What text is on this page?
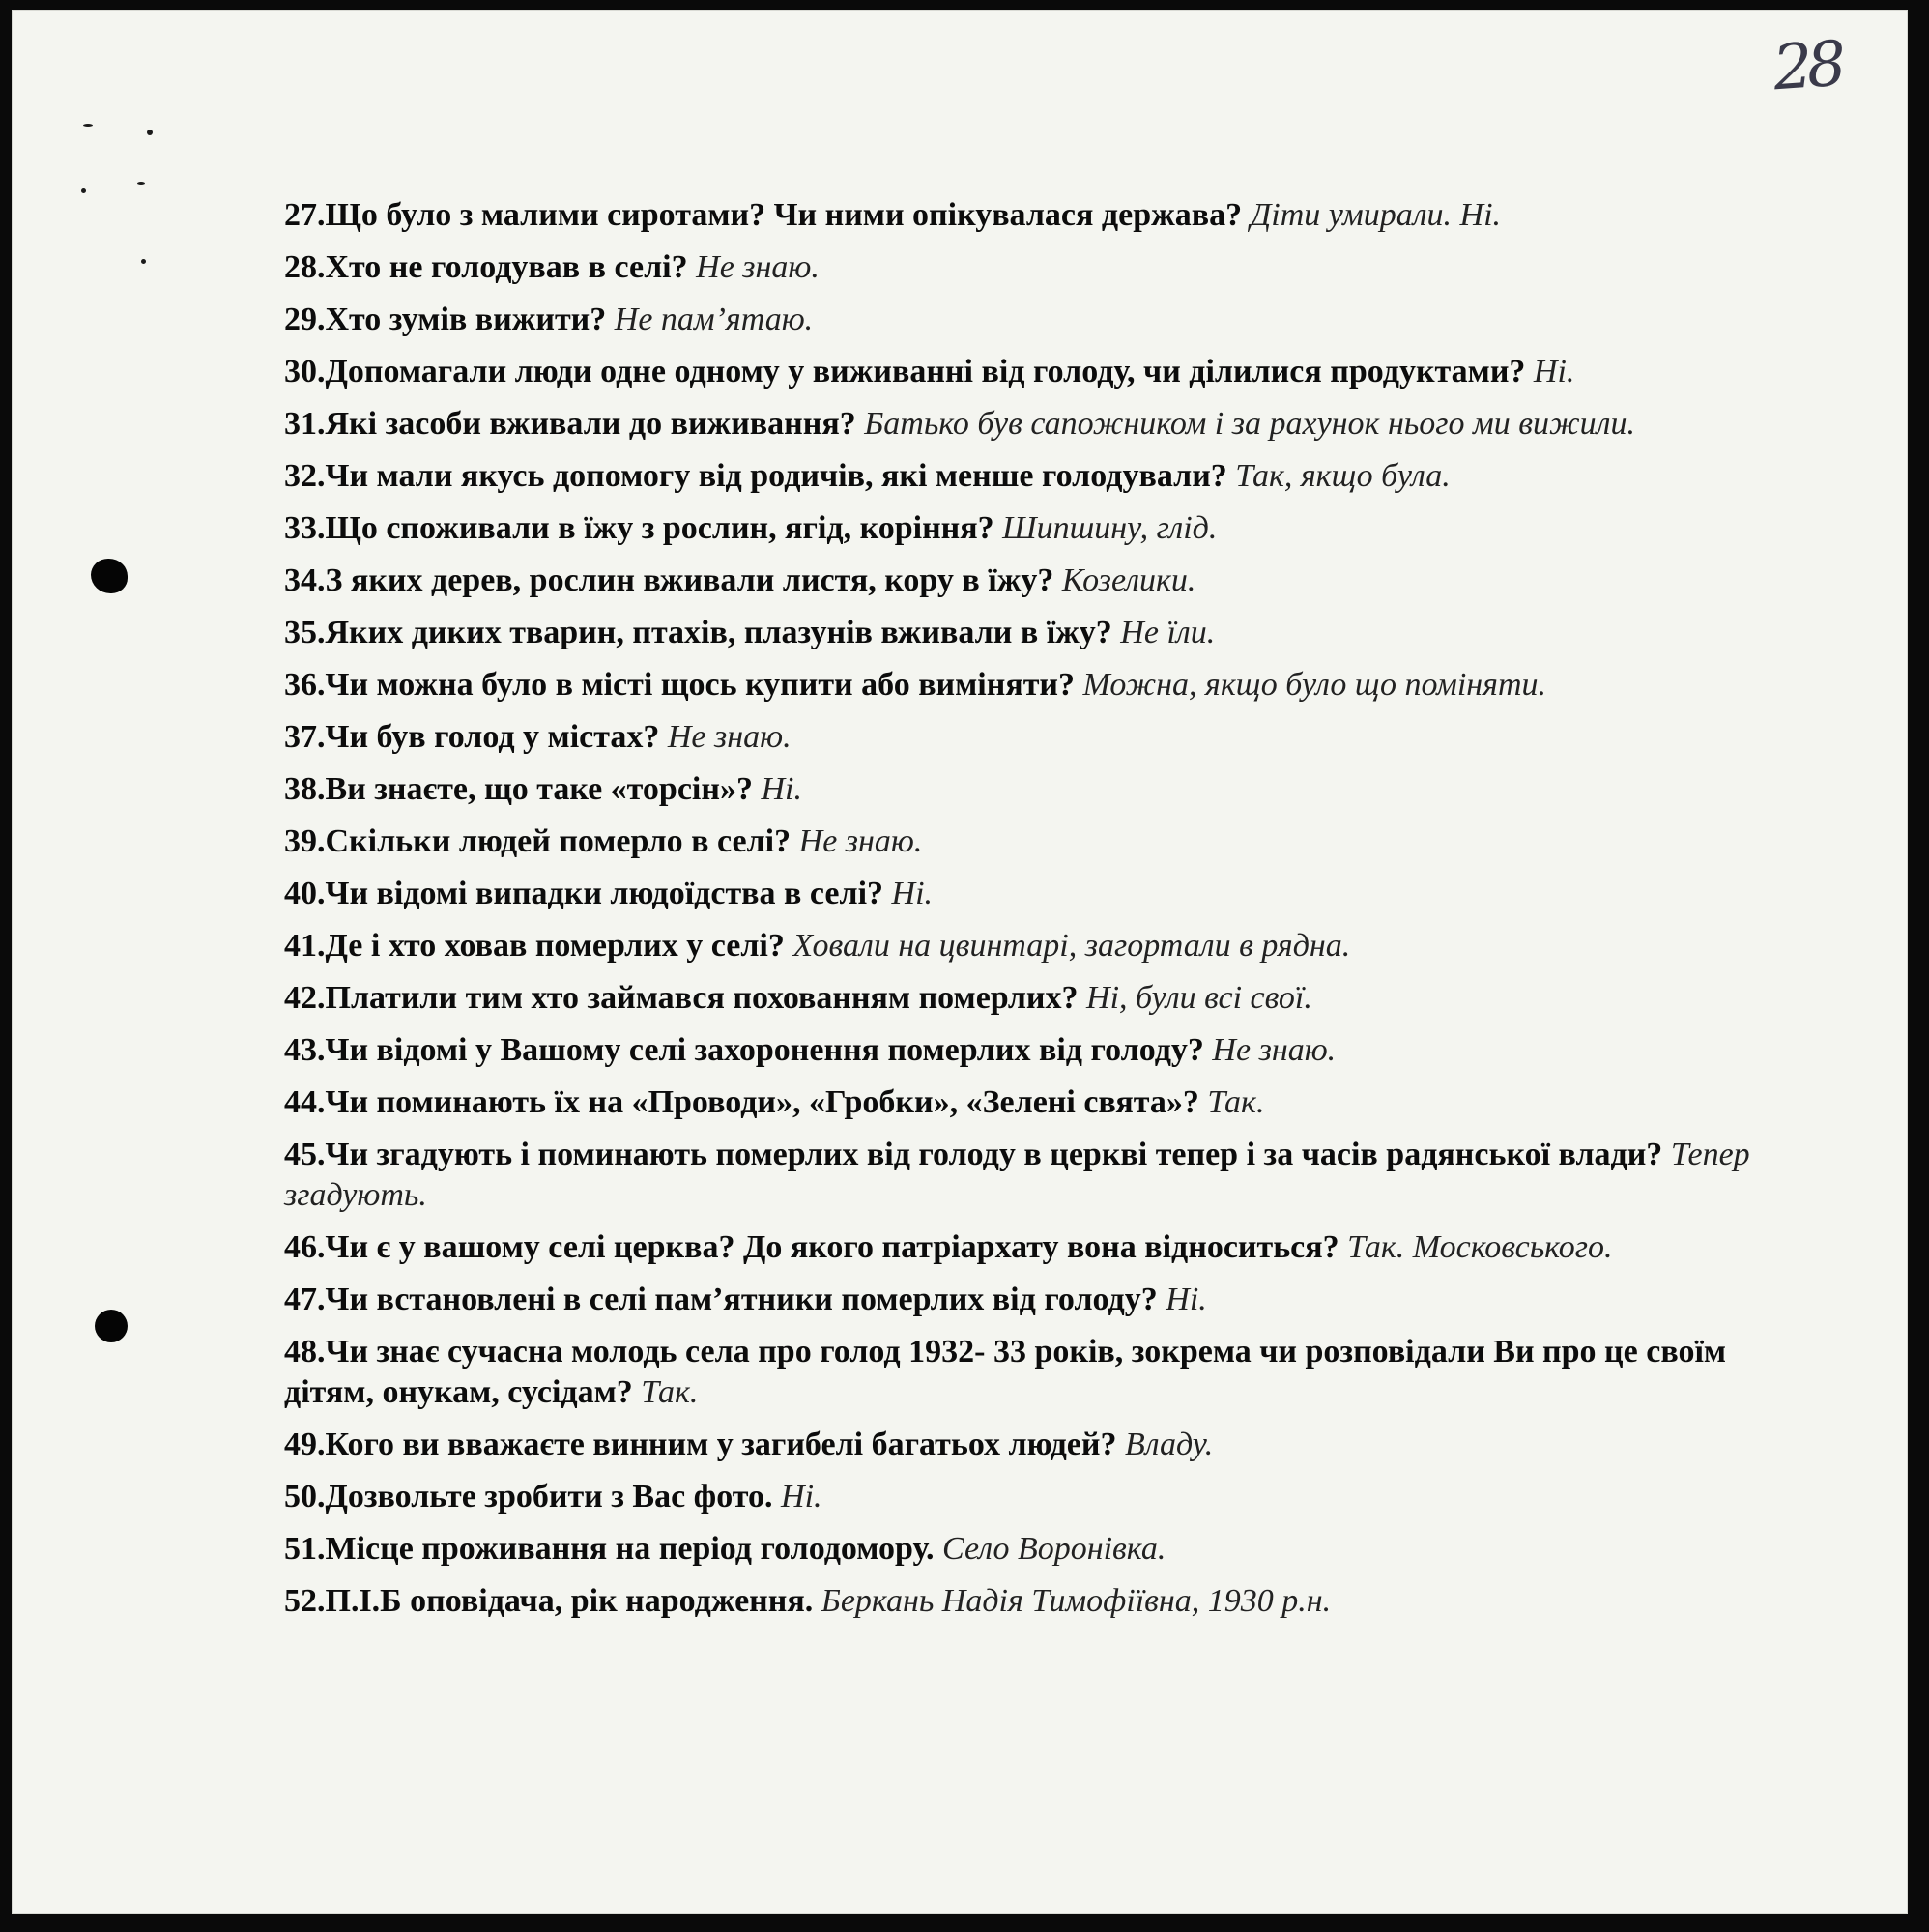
28
27.Що було з малими сиротами? Чи ними опікувалася держава? Діти умирали. Ні.
28.Хто не голодував в селі? Не знаю.
29.Хто зумів вижити? Не пам’ятаю.
30.Допомагали люди одне одному у виживанні від голоду, чи ділилися продуктами? Ні.
31.Які засоби вживали до виживання? Батько був сапожником і за рахунок нього ми вижили.
32.Чи мали якусь допомогу від родичів, які менше голодували? Так, якщо була.
33.Що споживали в їжу з рослин, ягід, коріння? Шипшину, глід.
34.З яких дерев, рослин вживали листя, кору в їжу? Козелики.
35.Яких диких тварин, птахів, плазунів вживали в їжу? Не їли.
36.Чи можна було в місті щось купити або виміняти? Можна, якщо було що поміняти.
37.Чи був голод у містах? Не знаю.
38.Ви знаєте, що таке «торсін»? Ні.
39.Скільки людей померло в селі? Не знаю.
40.Чи відомі випадки людоїдства в селі? Ні.
41.Де і хто ховав померлих у селі? Ховали на цвинтарі, загортали в рядна.
42.Платили тим хто займався похованням померлих? Ні, були всі свої.
43.Чи відомі у Вашому селі захоронення померлих від голоду? Не знаю.
44.Чи поминають їх на «Проводи», «Гробки», «Зелені свята»? Так.
45.Чи згадують і поминають померлих від голоду в церкві тепер і за часів радянської влади? Тепер згадують.
46.Чи є у вашому селі церква? До якого патріархату вона відноситься? Так. Московського.
47.Чи встановлені в селі пам’ятники померлих від голоду? Ні.
48.Чи знає сучасна молодь села про голод 1932- 33 років, зокрема чи розповідали Ви про це своїм дітям, онукам, сусідам? Так.
49.Кого ви вважаєте винним у загибелі багатьох людей? Владу.
50.Дозвольте зробити з Вас фото. Ні.
51.Місце проживання на період голодомору. Село Воронівка.
52.П.І.Б оповідача, рік народження. Беркань Надія Тимофіївна, 1930 р.н.
